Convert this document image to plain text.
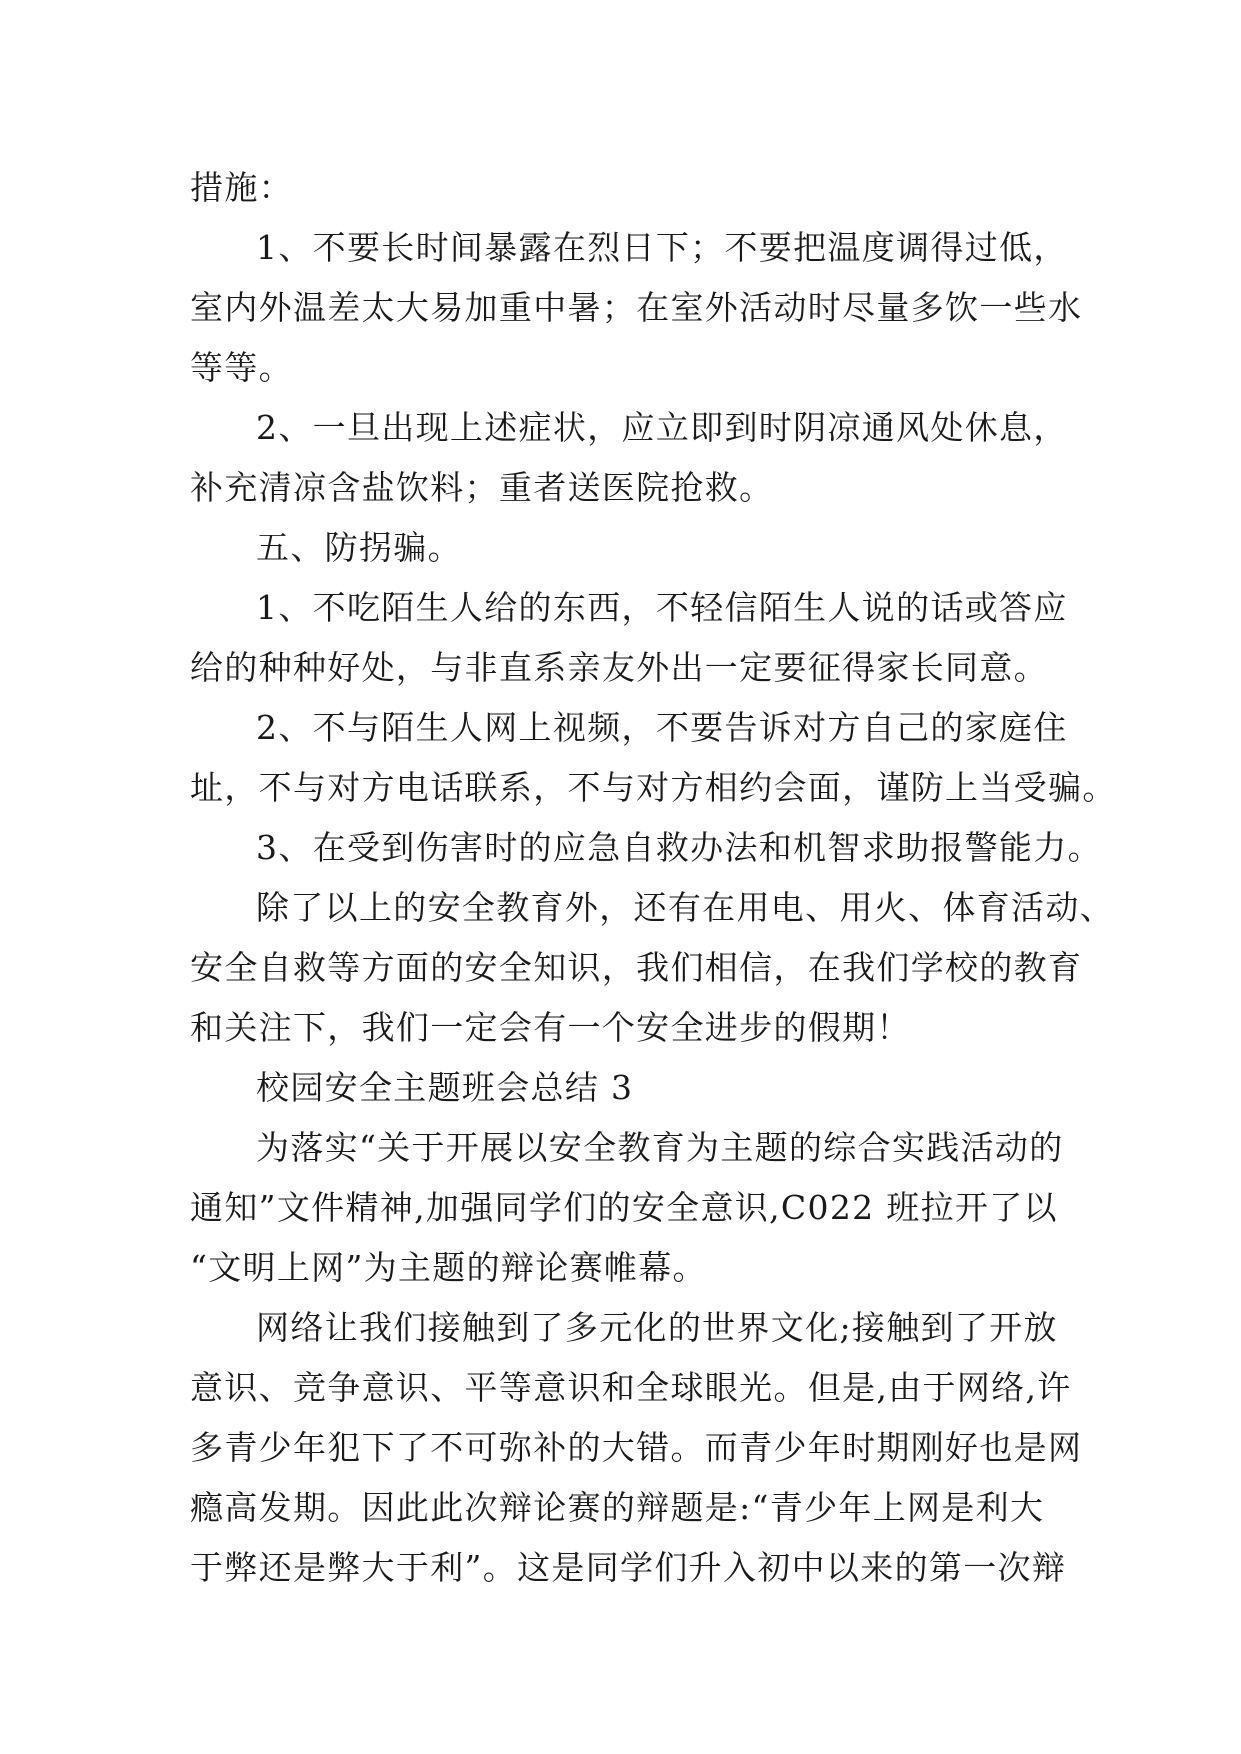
措施：
1、不要长时间暴露在烈日下；不要把温度调得过低，
室内外温差太大易加重中暑；在室外活动时尽量多饮一些水
等等。
2、一旦出现上述症状，应立即到时阴凉通风处休息，
补充清凉含盐饮料；重者送医院抢救。
五、防拐骗。
1、不吃陌生人给的东西，不轻信陌生人说的话或答应
给的种种好处，与非直系亲友外出一定要征得家长同意。
2、不与陌生人网上视频，不要告诉对方自己的家庭住
址，不与对方电话联系，不与对方相约会面，谨防上当受骗。
3、在受到伤害时的应急自救办法和机智求助报警能力。
除了以上的安全教育外，还有在用电、用火、体育活动、
安全自救等方面的安全知识，我们相信，在我们学校的教育
和关注下，我们一定会有一个安全进步的假期！
校园安全主题班会总结 3
为落实“关于开展以安全教育为主题的综合实践活动的
通知”文件精神,加强同学们的安全意识,C022 班拉开了以
“文明上网”为主题的辩论赛帷幕。
网络让我们接触到了多元化的世界文化;接触到了开放
意识、竞争意识、平等意识和全球眼光。但是,由于网络,许
多青少年犯下了不可弥补的大错。而青少年时期刚好也是网
瘾高发期。因此此次辩论赛的辩题是:“青少年上网是利大
于弊还是弊大于利”。这是同学们升入初中以来的第一次辩
